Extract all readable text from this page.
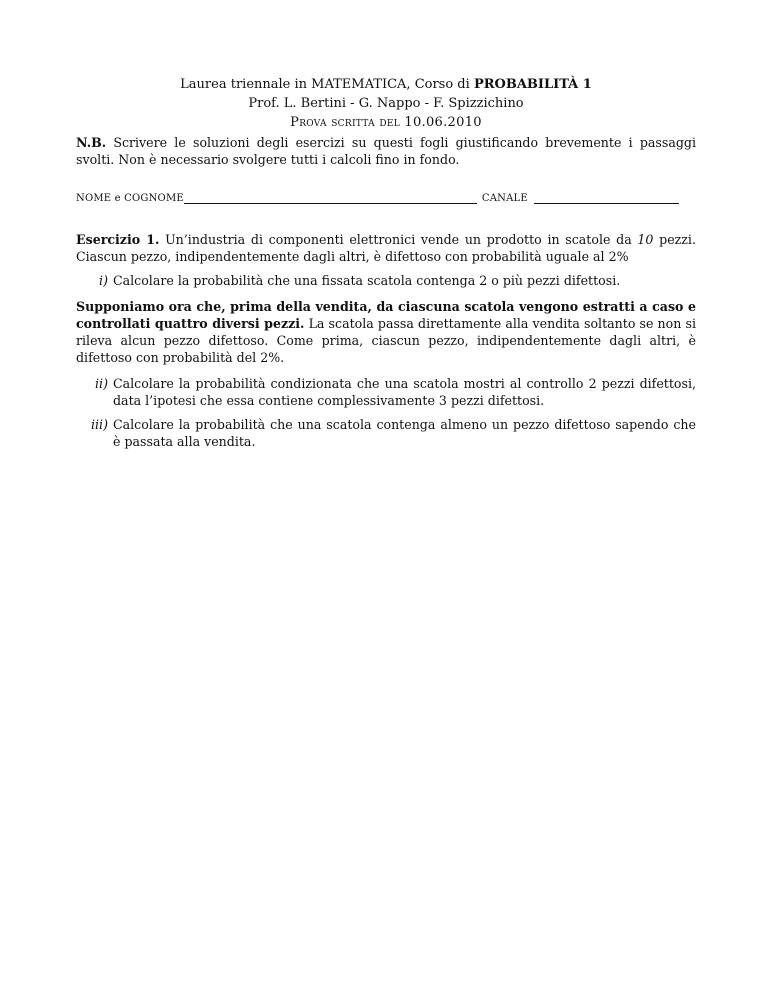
Laurea triennale in MATEMATICA, Corso di PROBABILITÀ 1
Prof. L. Bertini - G. Nappo - F. Spizzichino
Prova scritta del 10.06.2010
N.B. Scrivere le soluzioni degli esercizi su questi fogli giustificando brevemente i passaggi svolti. Non è necessario svolgere tutti i calcoli fino in fondo.
NOME e COGNOME	CANALE
Esercizio 1. Un’industria di componenti elettronici vende un prodotto in scatole da 10 pezzi. Ciascun pezzo, indipendentemente dagli altri, è difettoso con probabilità uguale al 2%
i) Calcolare la probabilità che una fissata scatola contenga 2 o più pezzi difettosi.
Supponiamo ora che, prima della vendita, da ciascuna scatola vengono estratti a caso e controllati quattro diversi pezzi. La scatola passa direttamente alla vendita soltanto se non si rileva alcun pezzo difettoso. Come prima, ciascun pezzo, indipendentemente dagli altri, è difettoso con probabilità del 2%.
ii) Calcolare la probabilità condizionata che una scatola mostri al controllo 2 pezzi difettosi, data l’ipotesi che essa contiene complessivamente 3 pezzi difettosi.
iii) Calcolare la probabilità che una scatola contenga almeno un pezzo difettoso sapendo che è passata alla vendita.
